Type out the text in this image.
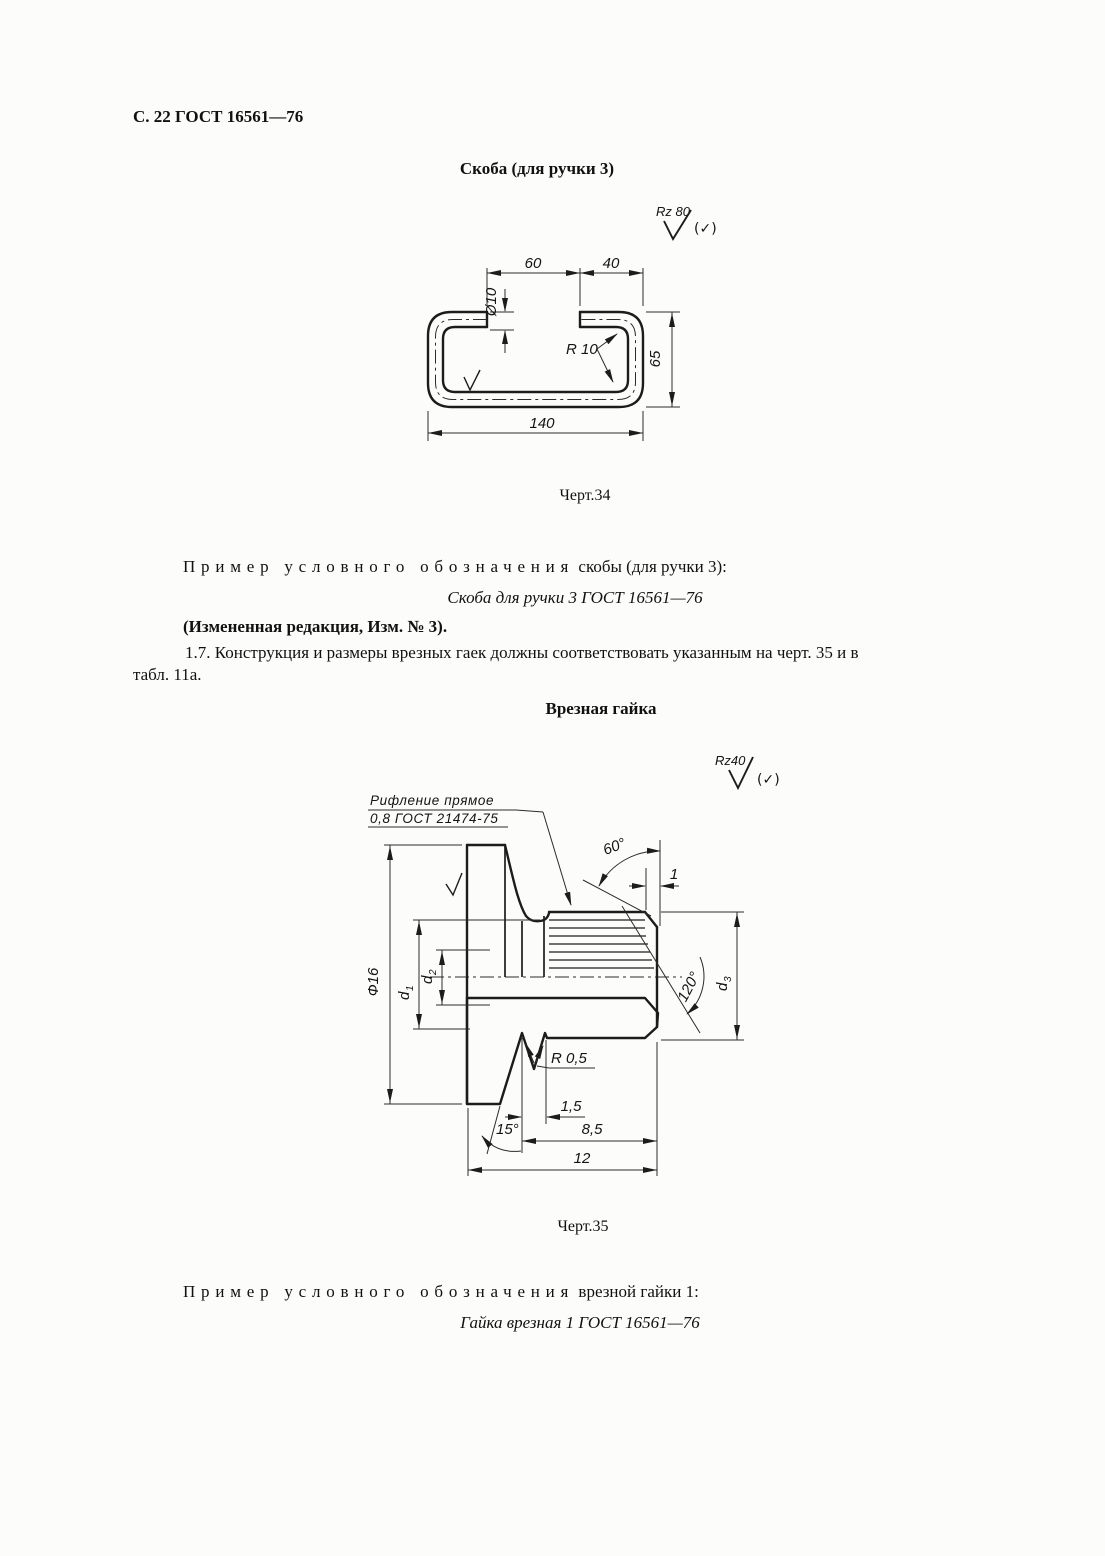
С. 22 ГОСТ 16561—76
Скоба (для ручки 3)
Rz 80
(✓)
60	40
Ø10
R 10
65
140
Rz40
(✓)
Рифление прямое
0,8 ГОСТ 21474-75
Ф16 d
1
d
2
d
3
60°
1
120°
R 0,5
1,5
15°	8,5
12
Черт.34
Пример условного обозначения скобы (для ручки 3):
Скоба для ручки 3 ГОСТ 16561—76
(Измененная редакция, Изм. № 3).
1.7. Конструкция и размеры врезных гаек должны соответствовать указанным на черт. 35 и в
табл. 11а.
Врезная гайка
Черт.35
Пример условного обозначения врезной гайки 1:
Гайка врезная 1 ГОСТ 16561—76
